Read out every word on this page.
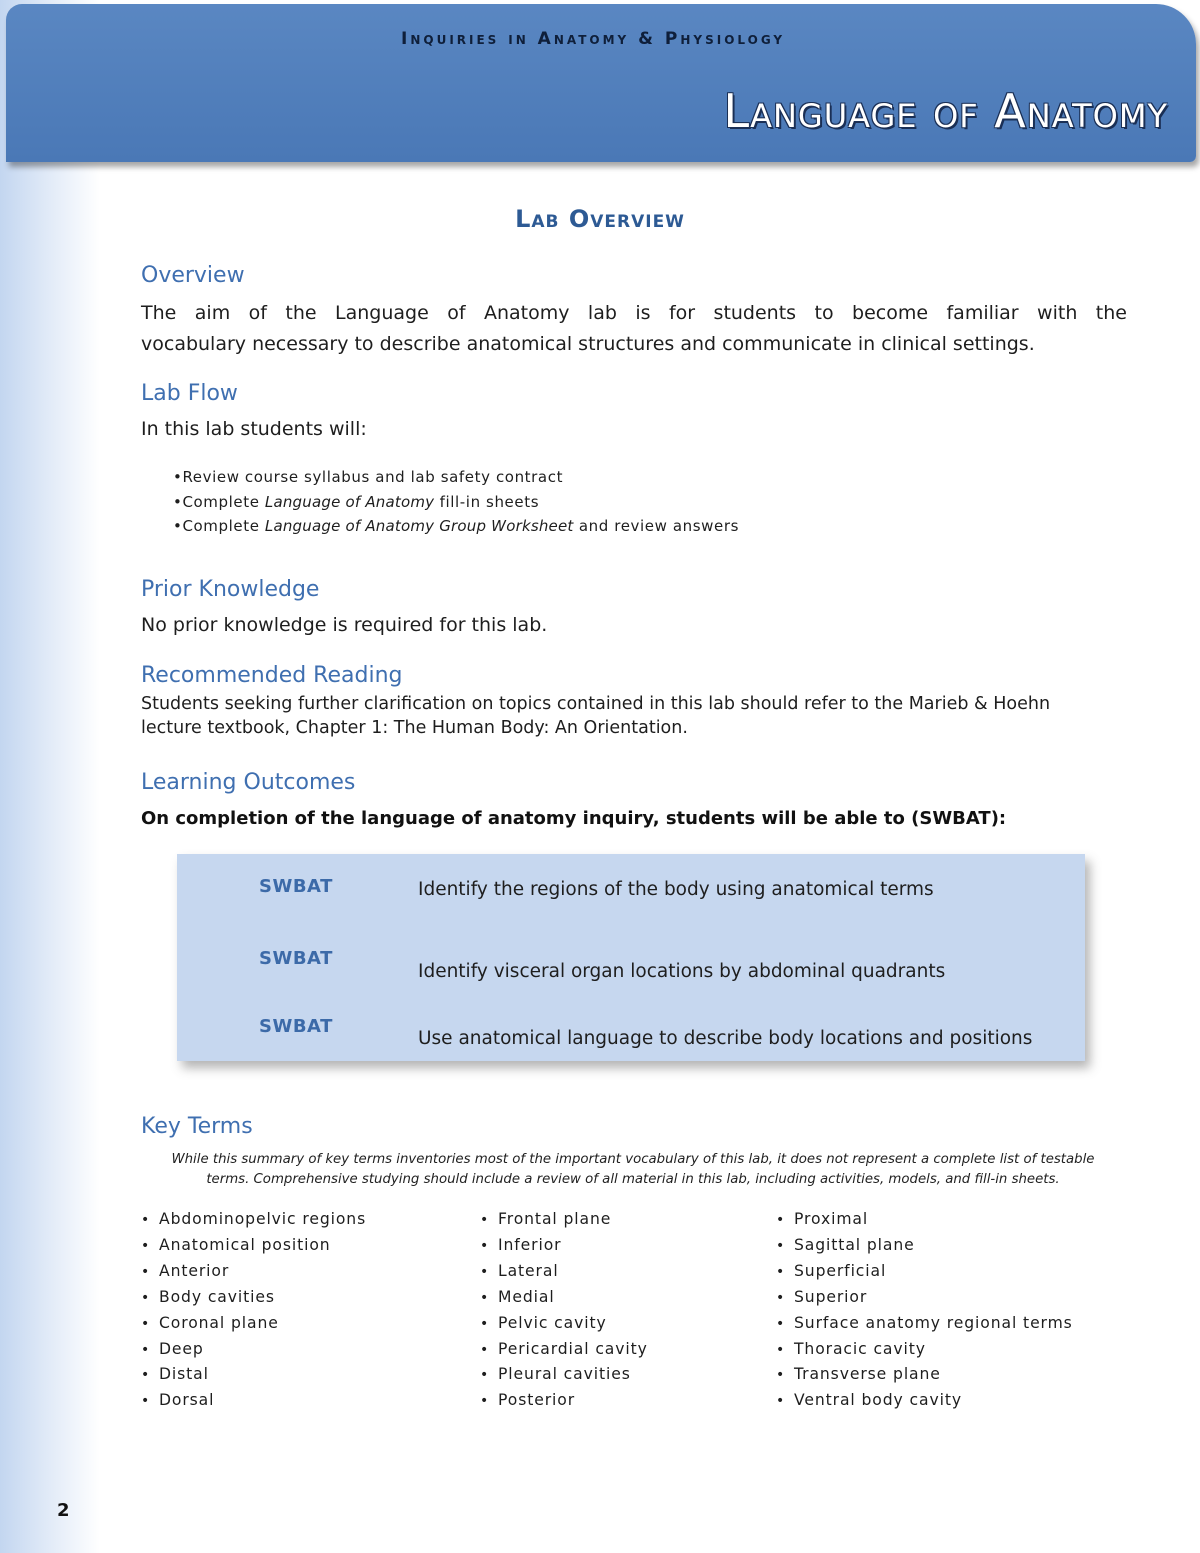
Inquiries in Anatomy & Physiology
Language of Anatomy
Lab Overview
Overview

The aim of the Language of Anatomy lab is for students to become familiar with the

vocabulary necessary to describe anatomical structures and communicate in clinical settings.

Lab Flow

In this lab students will:

•Review course syllabus and lab safety contract
•Complete Language of Anatomy fill-in sheets
•Complete Language of Anatomy Group Worksheet and review answers
Prior Knowledge

No prior knowledge is required for this lab.

Recommended Reading

Students seeking further clarification on topics contained in this lab should refer to the Marieb & Hoehn

lecture textbook, Chapter 1: The Human Body: An Orientation.

Learning Outcomes

On completion of the language of anatomy inquiry, students will be able to (SWBAT):

SWBAT	Identify the regions of the body using anatomical terms

SWBAT

Identify visceral organ locations by abdominal quadrants

SWBAT

Use anatomical language to describe body locations and positions

Key Terms
While this summary of key terms inventories most of the important vocabulary of this lab, it does not represent a complete list of testable
terms. Comprehensive studying should include a review of all material in this lab, including activities, models, and fill-in sheets.
• Abdominopelvic regions
• Anatomical position
• Anterior
• Body cavities
• Coronal plane
• Deep
• Distal
• Dorsal
• Frontal plane
• Inferior
• Lateral
• Medial
• Pelvic cavity
• Pericardial cavity
• Pleural cavities
• Posterior
• Proximal
• Sagittal plane
• Superficial
• Superior
• Surface anatomy regional terms
• Thoracic cavity
• Transverse plane
• Ventral body cavity

2
